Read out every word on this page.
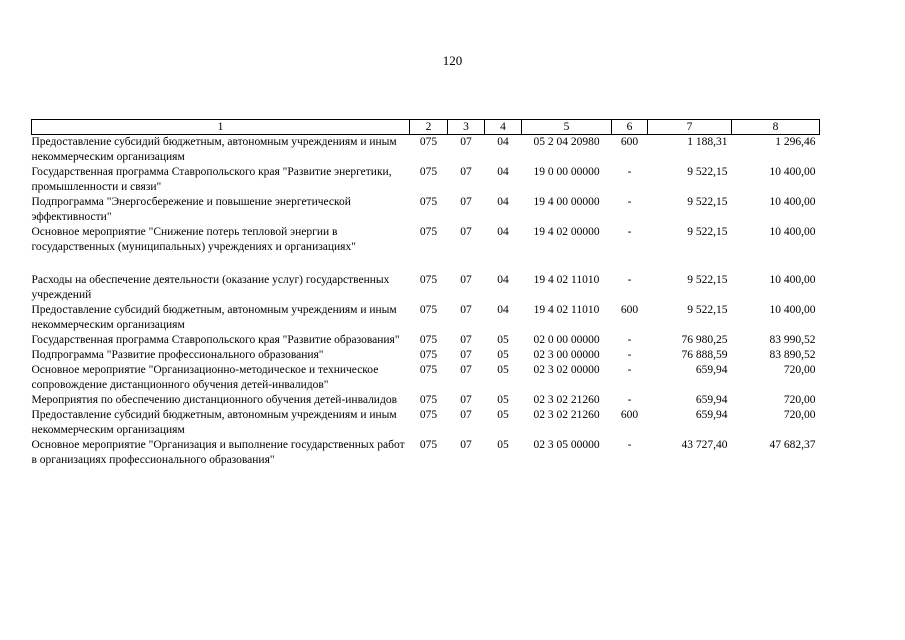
120
1	2	3	4	5	6	7	8
Предоставление субсидий бюджетным, автономным учреждениям и иным некоммерческим организациям	075	07	04	05 2 04 20980	600	1 188,31	1 296,46
Государственная программа Ставропольского края "Развитие энергетики, промышленности и связи"	075	07	04	19 0 00 00000	-	9 522,15	10 400,00
Подпрограмма "Энергосбережение и повышение энергетической эффективности"	075	07	04	19 4 00 00000	-	9 522,15	10 400,00
Основное мероприятие "Снижение потерь тепловой энергии в государственных (муниципальных) учреждениях и организациях"	075	07	04	19 4 02 00000	-	9 522,15	10 400,00

Расходы на обеспечение деятельности (оказание услуг) государственных учреждений	075	07	04	19 4 02 11010	-	9 522,15	10 400,00
Предоставление субсидий бюджетным, автономным учреждениям и иным некоммерческим организациям	075	07	04	19 4 02 11010	600	9 522,15	10 400,00
Государственная программа Ставропольского края "Развитие образования"	075	07	05	02 0 00 00000	-	76 980,25	83 990,52
Подпрограмма "Развитие профессионального образования"	075	07	05	02 3 00 00000	-	76 888,59	83 890,52
Основное мероприятие "Организационно-методическое и техническое сопровождение дистанционного обучения детей-инвалидов"	075	07	05	02 3 02 00000	-	659,94	720,00
Мероприятия по обеспечению дистанционного обучения детей-инвалидов	075	07	05	02 3 02 21260	-	659,94	720,00
Предоставление субсидий бюджетным, автономным учреждениям и иным некоммерческим организациям	075	07	05	02 3 02 21260	600	659,94	720,00
Основное мероприятие "Организация и выполнение государственных работ в организациях профессионального образования"	075	07	05	02 3 05 00000	-	43 727,40	47 682,37
